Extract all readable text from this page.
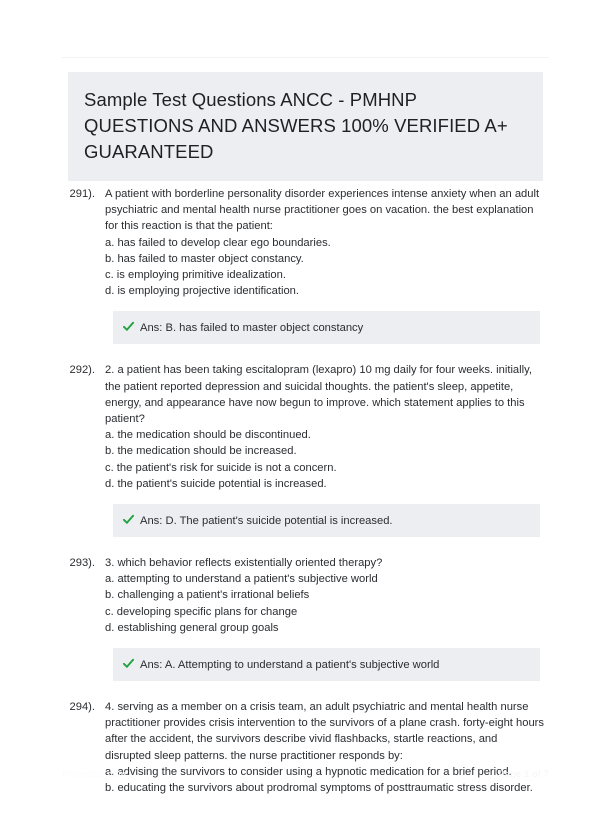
Sample Test Questions ANCC - PMHNP QUESTIONS AND ANSWERS 100% VERIFIED A+ GUARANTEED
291). A patient with borderline personality disorder experiences intense anxiety when an adult psychiatric and mental health nurse practitioner goes on vacation. the best explanation for this reaction is that the patient:

a. has failed to develop clear ego boundaries.

b. has failed to master object constancy.

c. is employing primitive idealization.

d. is employing projective identification.

Ans: B. has failed to master object constancy
292). 2. a patient has been taking escitalopram (lexapro) 10 mg daily for four weeks. initially, the patient reported depression and suicidal thoughts. the patient's sleep, appetite, energy, and appearance have now begun to improve. which statement applies to this patient?

a. the medication should be discontinued.

b. the medication should be increased.

c. the patient's risk for suicide is not a concern.

d. the patient's suicide potential is increased.

Ans: D. The patient's suicide potential is increased.
293). 3. which behavior reflects existentially oriented therapy?

a. attempting to understand a patient's subjective world

b. challenging a patient's irrational beliefs

c. developing specific plans for change

d. establishing general group goals

Ans: A. Attempting to understand a patient's subjective world
294). 4. serving as a member on a crisis team, an adult psychiatric and mental health nurse practitioner provides crisis intervention to the survivors of a plane crash. forty-eight hours after the accident, the survivors describe vivid flashbacks, startle reactions, and disrupted sleep patterns. the nurse practitioner responds by:

a. advising the survivors to consider using a hypnotic medication for a brief period.

b. educating the survivors about prodromal symptoms of posttraumatic stress disorder.

PaperStic.com	Page 1 of 7
